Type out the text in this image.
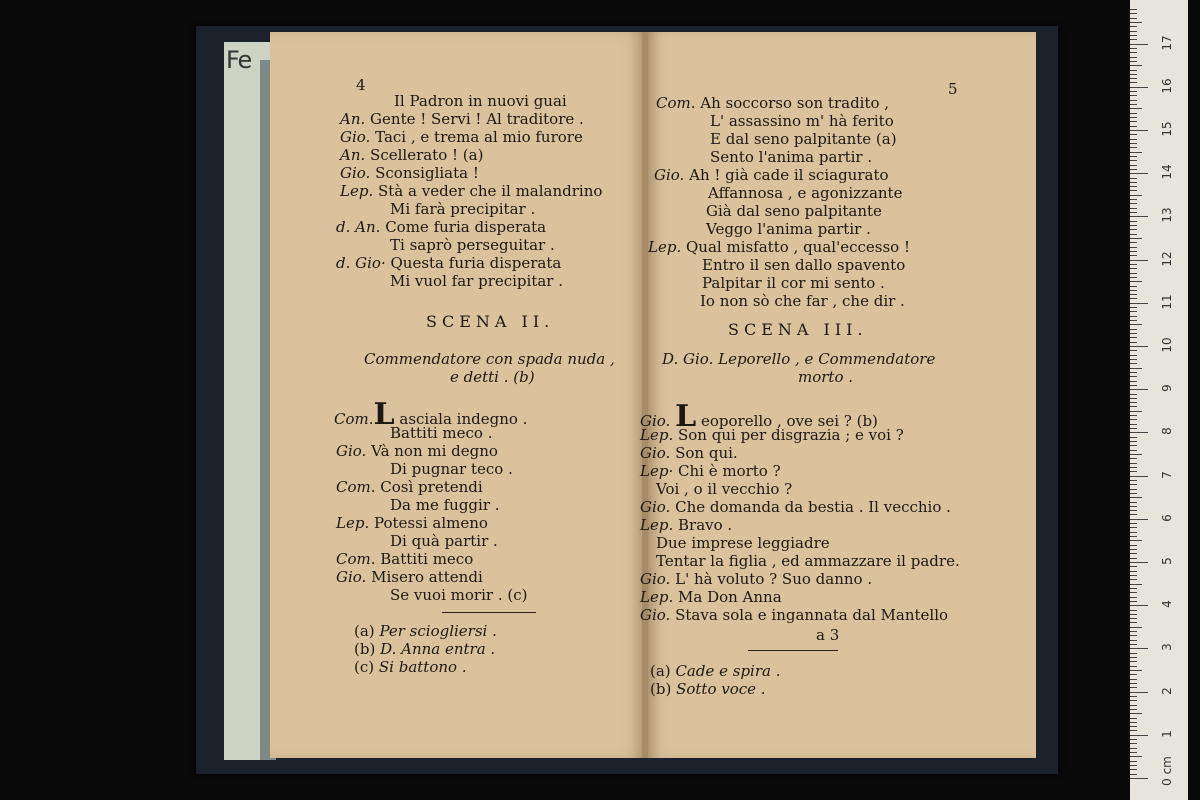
Fe
4
Il Padron in nuovi guai
An. Gente ! Servi ! Al traditore .
Gio. Taci , e trema al mio furore
An. Scellerato ! (a)
Gio. Sconsigliata !
Lep. Stà a veder che il malandrino
Mi farà precipitar .
d. An. Come furia disperata
Ti saprò perseguitar .
d. Gio· Questa furia disperata
Mi vuol far precipitar .
SCENA II.
Commendatore con spada nuda ,
e detti . (b)
Com.L asciala indegno .
Battiti meco .
Gio. Và non mi degno
Di pugnar teco .
Com. Così pretendi
Da me fuggir .
Lep. Potessi almeno
Di quà partir .
Com. Battiti meco
Gio. Misero attendi
Se vuoi morir . (c)
(a) Per sciogliersi .
(b) D. Anna entra .
(c) Si battono .
5
Com. Ah soccorso son tradito ,
L' assassino m' hà ferito
E dal seno palpitante (a)
Sento l'anima partir .
Gio. Ah ! già cade il sciagurato
Affannosa , e agonizzante
Già dal seno palpitante
Veggo l'anima partir .
Lep. Qual misfatto , qual'eccesso !
Entro il sen dallo spavento
Palpitar il cor mi sento .
Io non sò che far , che dir .
SCENA III.
D. Gio. Leporello , e Commendatore
morto .
Gio. L eoporello , ove sei ? (b)
Lep. Son qui per disgrazia ; e voi ?
Gio. Son qui.
Lep· Chi è morto ?
Voi , o il vecchio ?
Gio. Che domanda da bestia . Il vecchio .
Lep. Bravo .
Due imprese leggiadre
Tentar la figlia , ed ammazzare il padre.
Gio. L' hà voluto ? Suo danno .
Lep. Ma Don Anna
Gio. Stava sola e ingannata dal Mantello
a 3
(a) Cade e spira .
(b) Sotto voce .
0 cm
1
2
3
4
5
6
7
8
9
10
11
12
13
14
15
16
17
